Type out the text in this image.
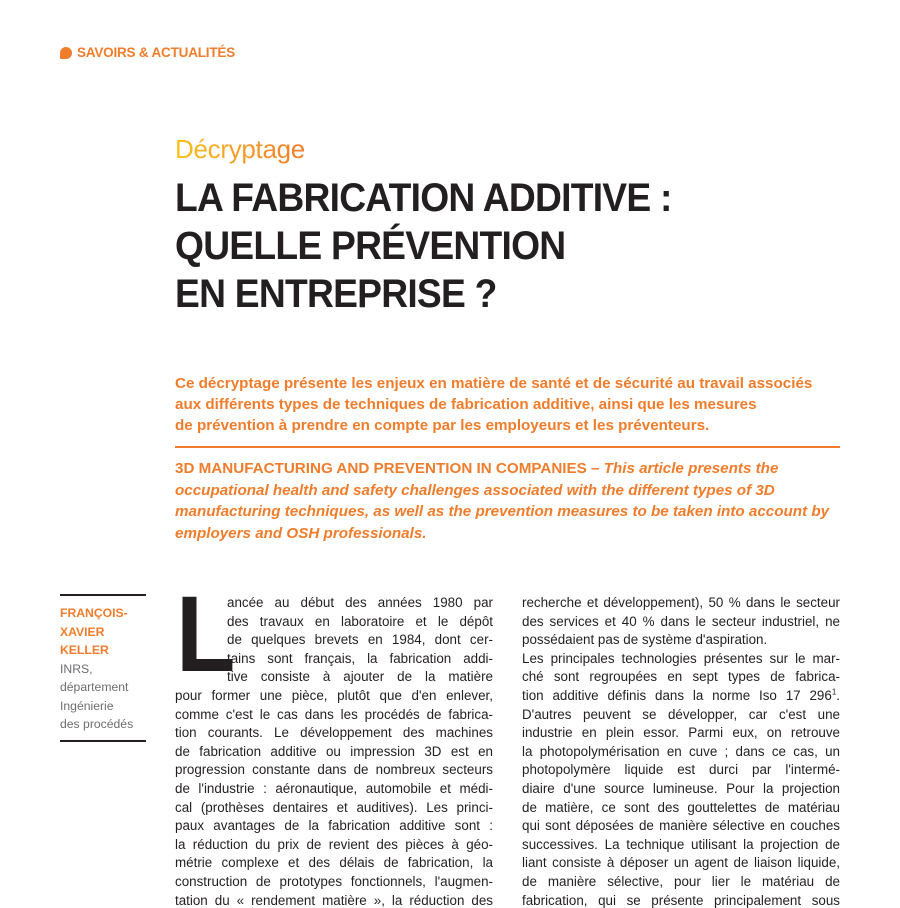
SAVOIRS & ACTUALITÉS
Décryptage
LA FABRICATION ADDITIVE :
QUELLE PRÉVENTION
EN ENTREPRISE ?

Ce décryptage présente les enjeux en matière de santé et de sécurité au travail associés
aux différents types de techniques de fabrication additive, ainsi que les mesures
de prévention à prendre en compte par les employeurs et les préventeurs.

3D MANUFACTURING AND PREVENTION IN COMPANIES – This article presents the
occupational health and safety challenges associated with the different types of 3D manufacturing techniques, as well as the prevention measures to be taken into account by employers and OSH professionals.

FRANÇOIS-
XAVIER
KELLER
INRS,
département
Ingénierie
des procédés
L
ancée au début des années 1980 par
des travaux en laboratoire et le dépôt
de quelques brevets en 1984, dont cer-
tains sont français, la fabrication addi-
tive consiste à ajouter de la matière
pour former une pièce, plutôt que d'en enlever,
comme c'est le cas dans les procédés de fabrica-
tion courants. Le développement des machines
de fabrication additive ou impression 3D est en
progression constante dans de nombreux secteurs
de l'industrie : aéronautique, automobile et médi-
cal (prothèses dentaires et auditives). Les princi-
paux avantages de la fabrication additive sont :
la réduction du prix de revient des pièces à géo-
métrie complexe et des délais de fabrication, la
construction de prototypes fonctionnels, l'augmen-
tation du « rendement matière », la réduction des
recherche et développement), 50 % dans le secteur
des services et 40 % dans le secteur industriel, ne
possédaient pas de système d'aspiration.
Les principales technologies présentes sur le mar-
ché sont regroupées en sept types de fabrica-
tion additive définis dans la norme Iso 17 $296^1$.
D'autres peuvent se développer, car c'est une
industrie en plein essor. Parmi eux, on retrouve
la photopolymérisation en cuve ; dans ce cas, un
photopolymère liquide est durci par l'intermé-
diaire d'une source lumineuse. Pour la projection
de matière, ce sont des gouttelettes de matériau
qui sont déposées de manière sélective en couches
successives. La technique utilisant la projection de
liant consiste à déposer un agent de liaison liquide,
de manière sélective, pour lier le matériau de
fabrication, qui se présente principalement sous
